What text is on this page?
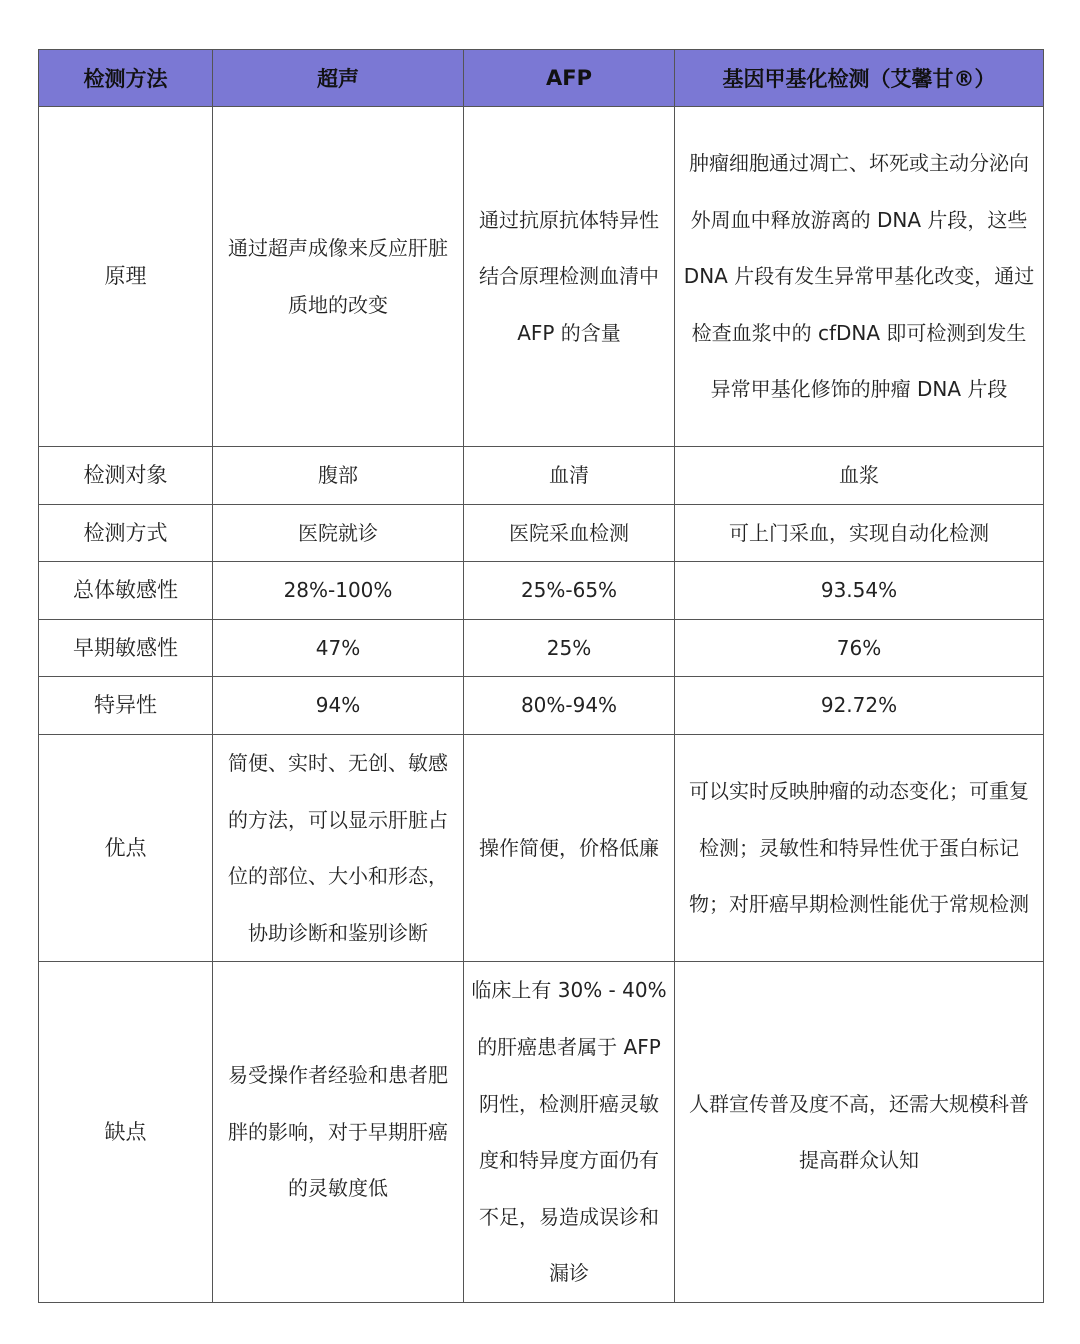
检测方法	超声	AFP	基因甲基化检测（艾馨甘®）
原理	通过超声成像来反应肝脏质地的改变	通过抗原抗体特异性结合原理检测血清中 AFP 的含量	肿瘤细胞通过凋亡、坏死或主动分泌向外周血中释放游离的 DNA 片段，这些 DNA 片段有发生异常甲基化改变，通过检查血浆中的 cfDNA 即可检测到发生异常甲基化修饰的肿瘤 DNA 片段

检测对象	腹部	血清	血浆
检测方式	医院就诊	医院采血检测	可上门采血，实现自动化检测
总体敏感性	28%-100%	25%-65%	93.54%
早期敏感性	47%	25%	76%
特异性	94%	80%-94%	92.72%
优点	简便、实时、无创、敏感的方法，可以显示肝脏占位的部位、大小和形态，协助诊断和鉴别诊断	操作简便，价格低廉	可以实时反映肿瘤的动态变化；可重复检测；灵敏性和特异性优于蛋白标记物；对肝癌早期检测性能优于常规检测

缺点	易受操作者经验和患者肥胖的影响，对于早期肝癌的灵敏度低	临床上有 30% - 40%的肝癌患者属于 AFP 阴性，检测肝癌灵敏度和特异度方面仍有不足，易造成误诊和漏诊	人群宣传普及度不高，还需大规模科普提高群众认知
